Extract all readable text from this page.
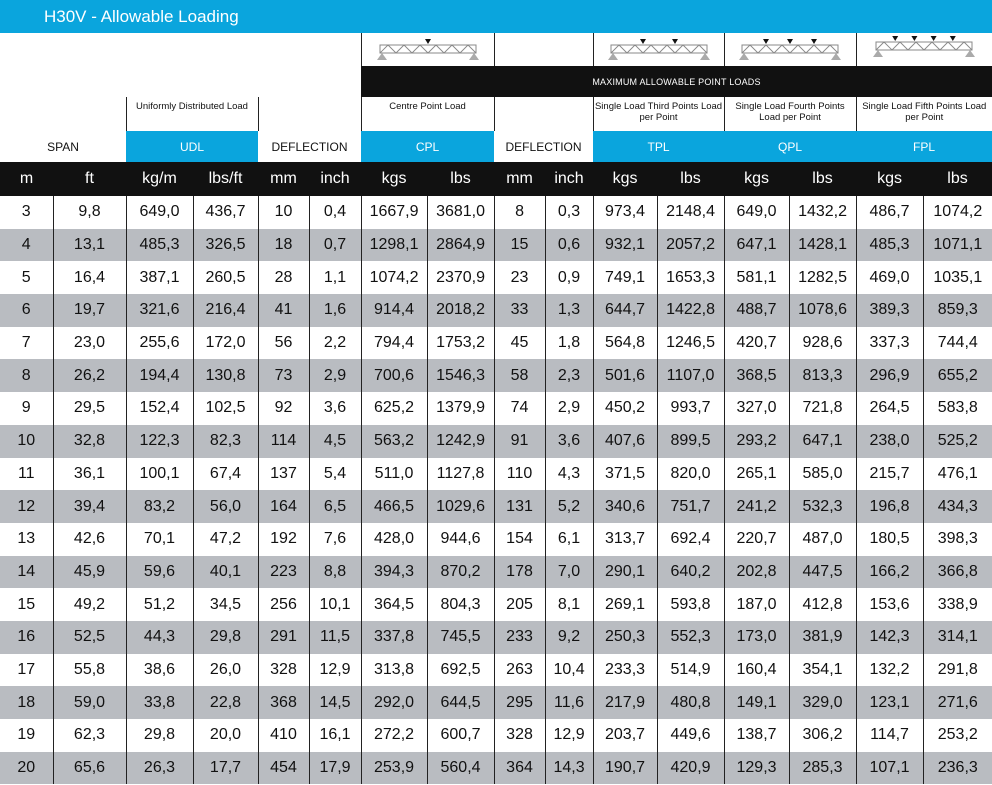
H30V - Allowable Loading

						MAXIMUM ALLOWABLE POINT LOADS									
		Uniformly Distributed Load				Centre Point Load				Single Load Third Points Load per Point		Single Load Fourth Points Load per Point		Single Load Fifth Points Load per Point	
SPAN		UDL		DEFLECTION		CPL		DEFLECTION		TPL		QPL		FPL	
m	ft	kg/m	lbs/ft	mm	inch	kgs	lbs	mm	inch	kgs	lbs	kgs	lbs	kgs	lbs
3	9,8	649,0	436,7	10	0,4	1667,9	3681,0	8	0,3	973,4	2148,4	649,0	1432,2	486,7	1074,2
4	13,1	485,3	326,5	18	0,7	1298,1	2864,9	15	0,6	932,1	2057,2	647,1	1428,1	485,3	1071,1
5	16,4	387,1	260,5	28	1,1	1074,2	2370,9	23	0,9	749,1	1653,3	581,1	1282,5	469,0	1035,1
6	19,7	321,6	216,4	41	1,6	914,4	2018,2	33	1,3	644,7	1422,8	488,7	1078,6	389,3	859,3
7	23,0	255,6	172,0	56	2,2	794,4	1753,2	45	1,8	564,8	1246,5	420,7	928,6	337,3	744,4
8	26,2	194,4	130,8	73	2,9	700,6	1546,3	58	2,3	501,6	1107,0	368,5	813,3	296,9	655,2
9	29,5	152,4	102,5	92	3,6	625,2	1379,9	74	2,9	450,2	993,7	327,0	721,8	264,5	583,8
10	32,8	122,3	82,3	114	4,5	563,2	1242,9	91	3,6	407,6	899,5	293,2	647,1	238,0	525,2
11	36,1	100,1	67,4	137	5,4	511,0	1127,8	110	4,3	371,5	820,0	265,1	585,0	215,7	476,1
12	39,4	83,2	56,0	164	6,5	466,5	1029,6	131	5,2	340,6	751,7	241,2	532,3	196,8	434,3
13	42,6	70,1	47,2	192	7,6	428,0	944,6	154	6,1	313,7	692,4	220,7	487,0	180,5	398,3
14	45,9	59,6	40,1	223	8,8	394,3	870,2	178	7,0	290,1	640,2	202,8	447,5	166,2	366,8
15	49,2	51,2	34,5	256	10,1	364,5	804,3	205	8,1	269,1	593,8	187,0	412,8	153,6	338,9
16	52,5	44,3	29,8	291	11,5	337,8	745,5	233	9,2	250,3	552,3	173,0	381,9	142,3	314,1
17	55,8	38,6	26,0	328	12,9	313,8	692,5	263	10,4	233,3	514,9	160,4	354,1	132,2	291,8
18	59,0	33,8	22,8	368	14,5	292,0	644,5	295	11,6	217,9	480,8	149,1	329,0	123,1	271,6
19	62,3	29,8	20,0	410	16,1	272,2	600,7	328	12,9	203,7	449,6	138,7	306,2	114,7	253,2
20	65,6	26,3	17,7	454	17,9	253,9	560,4	364	14,3	190,7	420,9	129,3	285,3	107,1	236,3
